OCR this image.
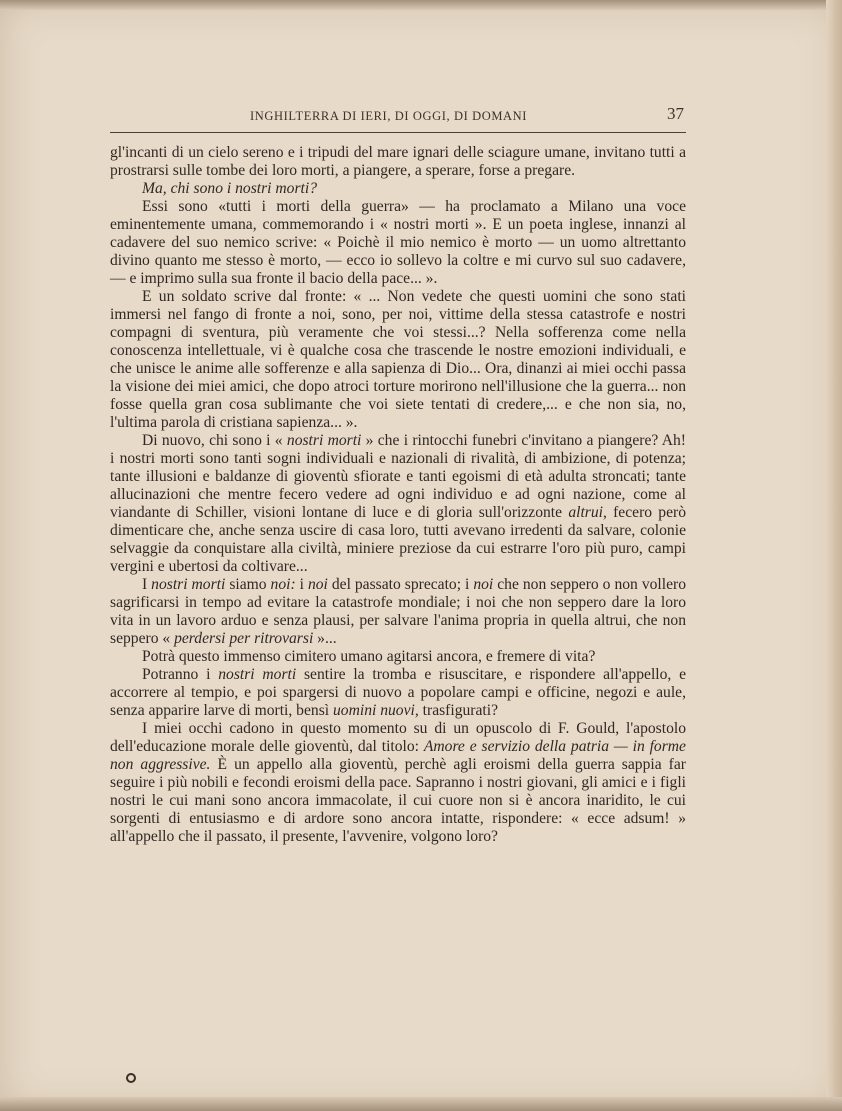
INGHILTERRA DI IERI, DI OGGI, DI DOMANI	37

gl'incanti di un cielo sereno e i tripudi del mare ignari delle sciagure umane, invitano tutti a prostrarsi sulle tombe dei loro morti, a piangere, a sperare, forse a pregare.

Ma, chi sono i nostri morti?

Essi sono «tutti i morti della guerra» — ha proclamato a Milano una voce eminentemente umana, commemorando i « nostri morti ». E un poeta inglese, innanzi al cadavere del suo nemico scrive: « Poichè il mio nemico è morto — un uomo altrettanto divino quanto me stesso è morto, — ecco io sollevo la coltre e mi curvo sul suo cadavere, — e imprimo sulla sua fronte il bacio della pace... ».

E un soldato scrive dal fronte: « ... Non vedete che questi uomini che sono stati immersi nel fango di fronte a noi, sono, per noi, vittime della stessa catastrofe e nostri compagni di sventura, più veramente che voi stessi...? Nella sofferenza come nella conoscenza intellettuale, vi è qualche cosa che trascende le nostre emozioni individuali, e che unisce le anime alle sofferenze e alla sapienza di Dio... Ora, dinanzi ai miei occhi passa la visione dei miei amici, che dopo atroci torture morirono nell'illusione che la guerra... non fosse quella gran cosa sublimante che voi siete tentati di credere,... e che non sia, no, l'ultima parola di cristiana sapienza... ».

Di nuovo, chi sono i « nostri morti » che i rintocchi funebri c'invitano a piangere? Ah! i nostri morti sono tanti sogni individuali e nazionali di rivalità, di ambizione, di potenza; tante illusioni e baldanze di gioventù sfiorate e tanti egoismi di età adulta stroncati; tante allucinazioni che mentre fecero vedere ad ogni individuo e ad ogni nazione, come al viandante di Schiller, visioni lontane di luce e di gloria sull'orizzonte altrui, fecero però dimenticare che, anche senza uscire di casa loro, tutti avevano irredenti da salvare, colonie selvaggie da conquistare alla civiltà, miniere preziose da cui estrarre l'oro più puro, campi vergini e ubertosi da coltivare...

I nostri morti siamo noi: i noi del passato sprecato; i noi che non seppero o non vollero sagrificarsi in tempo ad evitare la catastrofe mondiale; i noi che non seppero dare la loro vita in un lavoro arduo e senza plausi, per salvare l'anima propria in quella altrui, che non seppero « perdersi per ritrovarsi »...

Potrà questo immenso cimitero umano agitarsi ancora, e fremere di vita?

Potranno i nostri morti sentire la tromba e risuscitare, e rispondere all'appello, e accorrere al tempio, e poi spargersi di nuovo a popolare campi e officine, negozi e aule, senza apparire larve di morti, bensì uomini nuovi, trasfigurati?

I miei occhi cadono in questo momento su di un opuscolo di F. Gould, l'apostolo dell'educazione morale delle gioventù, dal titolo: Amore e servizio della patria — in forme non aggressive. È un appello alla gioventù, perchè agli eroismi della guerra sappia far seguire i più nobili e fecondi eroismi della pace. Sapranno i nostri giovani, gli amici e i figli nostri le cui mani sono ancora immacolate, il cui cuore non si è ancora inaridito, le cui sorgenti di entusiasmo e di ardore sono ancora intatte, rispondere: « ecce adsum! » all'appello che il passato, il presente, l'avvenire, volgono loro?
